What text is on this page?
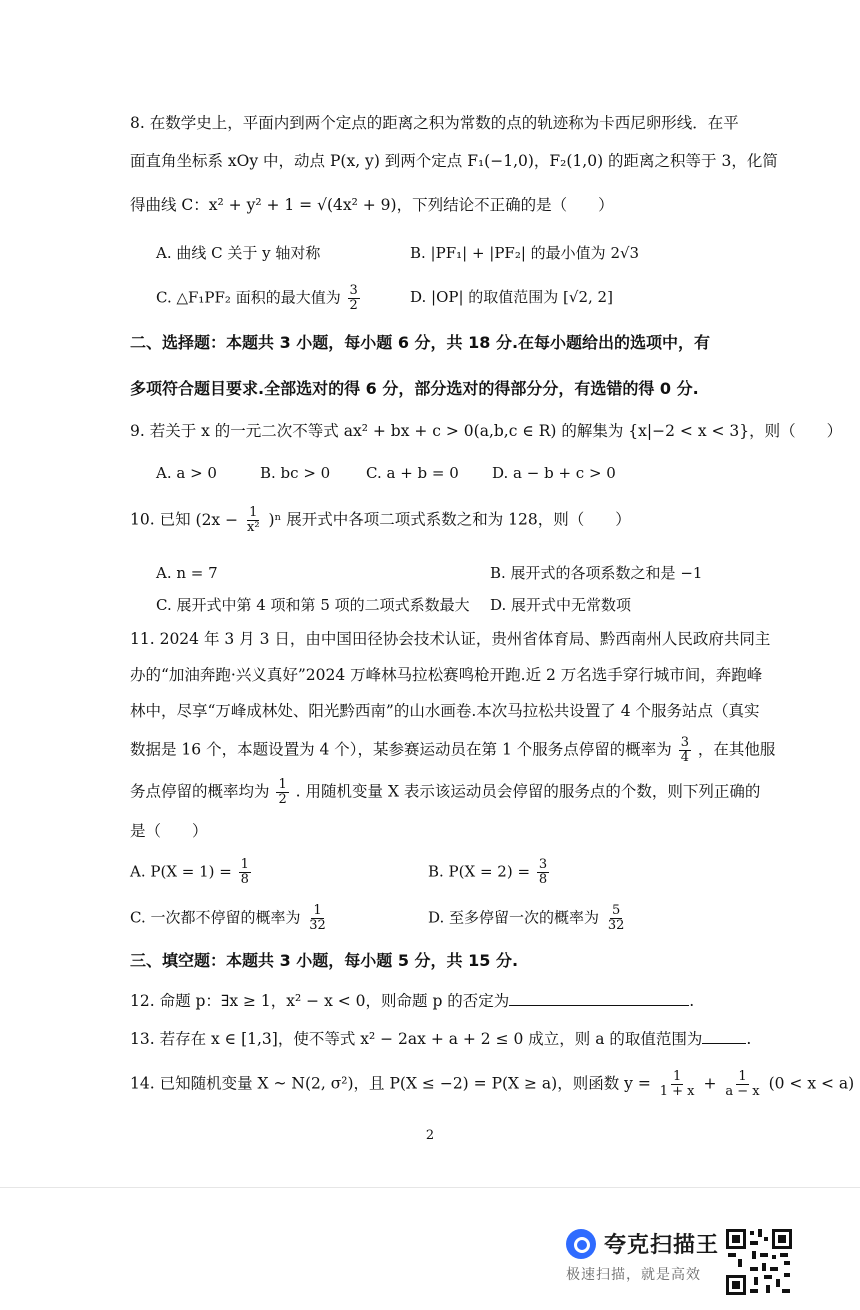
8. 在数学史上，平面内到两个定点的距离之积为常数的点的轨迹称为卡西尼卵形线．在平
面直角坐标系 xOy 中，动点 P(x, y) 到两个定点 F₁(−1,0)，F₂(1,0) 的距离之积等于 3，化简
得曲线 C：x² + y² + 1 = √(4x² + 9)，下列结论不正确的是（　　）
A. 曲线 C 关于 y 轴对称	B. |PF₁| + |PF₂| 的最小值为 2√3
C. △F₁PF₂ 面积的最大值为 $\frac{3}{2}$	D. |OP| 的取值范围为 [√2, 2]
二、选择题：本题共 3 小题，每小题 6 分，共 18 分.在每小题给出的选项中，有
多项符合题目要求.全部选对的得 6 分，部分选对的得部分分，有选错的得 0 分.
9. 若关于 x 的一元二次不等式 ax² + bx + c > 0(a,b,c ∈ R) 的解集为 {x|−2 < x < 3}，则（　　）
A. a > 0	B. bc > 0 C. a + b = 0 D. a − b + c > 0
10. 已知 $(2x - \frac{1}{\text{x²}} )^n$ 展开式中各项二项式系数之和为 128，则（　　）
A. n = 7	B. 展开式的各项系数之和是 −1
C. 展开式中第 4 项和第 5 项的二项式系数最大 D. 展开式中无常数项
11. 2024 年 3 月 3 日，由中国田径协会技术认证，贵州省体育局、黔西南州人民政府共同主
办的“加油奔跑·兴义真好”2024 万峰林马拉松赛鸣枪开跑.近 2 万名选手穿行城市间，奔跑峰
林中，尽享“万峰成林处、阳光黔西南”的山水画卷.本次马拉松共设置了 4 个服务站点（真实
数据是 16 个，本题设置为 4 个），某参赛运动员在第 1 个服务点停留的概率为 $\frac{3}{4}$ ，在其他服
务点停留的概率均为 $\frac{1}{2}$ . 用随机变量 X 表示该运动员会停留的服务点的个数，则下列正确的
是（　　）
A. $P(X = 1) = \frac{1}{8}$	B. $P(X = 2) = \frac{3}{8}$
C. 一次都不停留的概率为 $\frac{1}{32}$	D. 至多停留一次的概率为 $\frac{5}{32}$
三、填空题：本题共 3 小题，每小题 5 分，共 15 分.
12. 命题 p：∃x ≥ 1，x² − x < 0，则命题 p 的否定为	.
13. 若存在 x ∈ [1,3]，使不等式 x² − 2ax + a + 2 ≤ 0 成立，则 a 的取值范围为	.
14. 已知随机变量 X ~ N(2, σ²)，且 P(X ≤ −2) = P(X ≥ a)，则函数 $y = \frac{1}{1 + x} + \frac{1}{a - x} (0 < x < a)$
2
夸克扫描王
极速扫描，就是高效
